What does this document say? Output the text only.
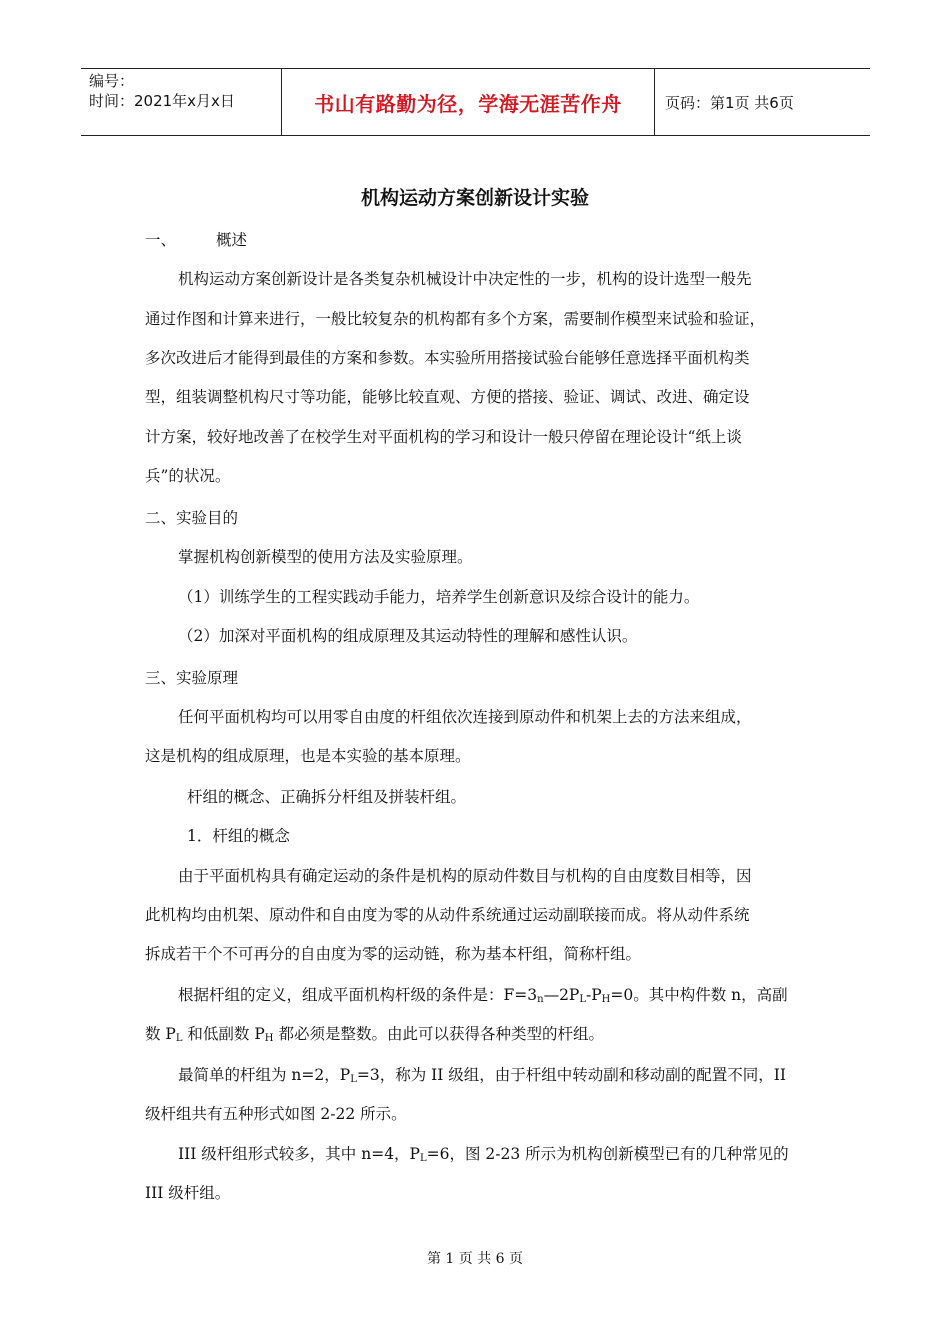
编号：
时间：2021年x月x日	书山有路勤为径，学海无涯苦作舟	页码：第1页 共6页
机构运动方案创新设计实验
一、	概述
机构运动方案创新设计是各类复杂机械设计中决定性的一步，机构的设计选型一般先
通过作图和计算来进行，一般比较复杂的机构都有多个方案，需要制作模型来试验和验证，
多次改进后才能得到最佳的方案和参数。本实验所用搭接试验台能够任意选择平面机构类
型，组装调整机构尺寸等功能，能够比较直观、方便的搭接、验证、调试、改进、确定设
计方案，较好地改善了在校学生对平面机构的学习和设计一般只停留在理论设计“纸上谈
兵”的状况。
二、实验目的
掌握机构创新模型的使用方法及实验原理。
（1）训练学生的工程实践动手能力，培养学生创新意识及综合设计的能力。
（2）加深对平面机构的组成原理及其运动特性的理解和感性认识。
三、实验原理
任何平面机构均可以用零自由度的杆组依次连接到原动件和机架上去的方法来组成，
这是机构的组成原理，也是本实验的基本原理。
杆组的概念、正确拆分杆组及拼装杆组。
1．杆组的概念
由于平面机构具有确定运动的条件是机构的原动件数目与机构的自由度数目相等，因
此机构均由机架、原动件和自由度为零的从动件系统通过运动副联接而成。将从动件系统
拆成若干个不可再分的自由度为零的运动链，称为基本杆组，简称杆组。
根据杆组的定义，组成平面机构杆级的条件是：$F=3_n—2P_L-P_H=0$。其中构件数 n，高副
数 $P_L$ 和低副数 $P_H$ 都必须是整数。由此可以获得各种类型的杆组。
最简单的杆组为 n=2，$P_L=3$，称为 II 级组，由于杆组中转动副和移动副的配置不同，II
级杆组共有五种形式如图 2-22 所示。
III 级杆组形式较多，其中 n=4，$P_L=6$，图 2-23 所示为机构创新模型已有的几种常见的
III 级杆组。
第 1 页 共 6 页
